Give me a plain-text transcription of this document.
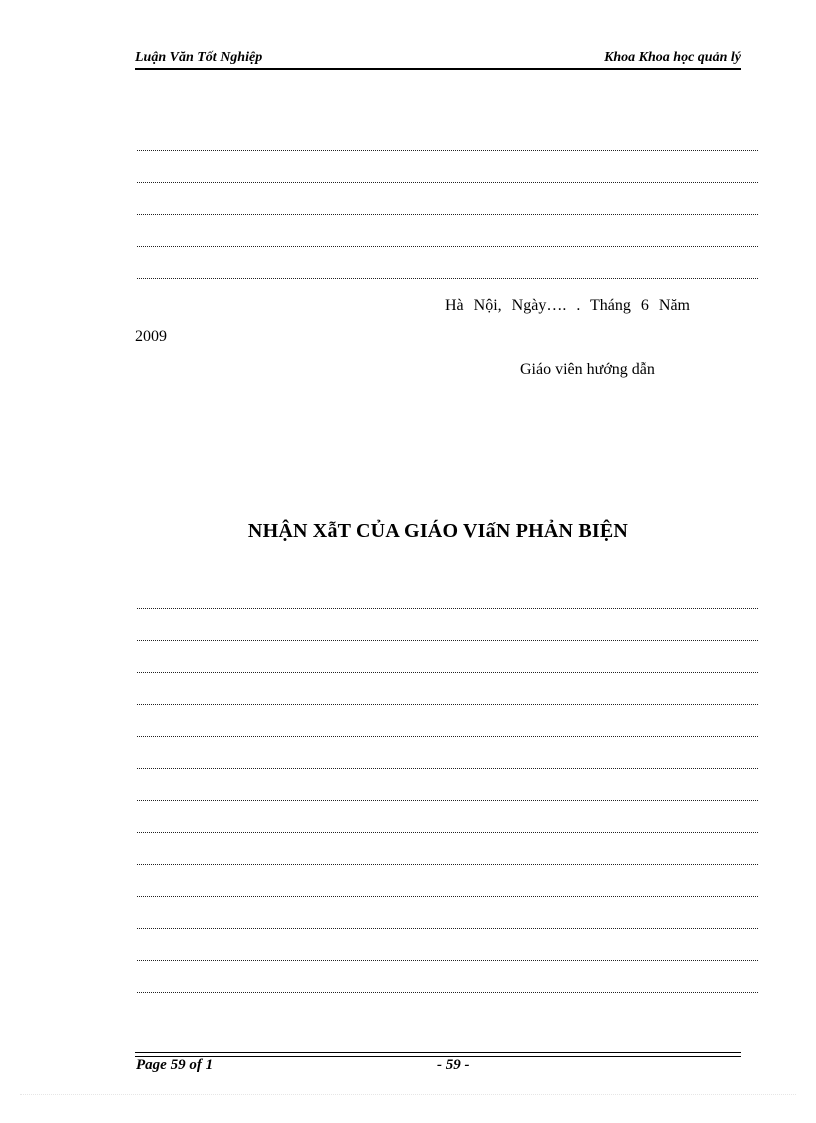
Luận Văn Tốt Nghiệp	Khoa Khoa học quản lý
Hà Nội, Ngày…. . Tháng 6 Năm
2009
Giáo viên hướng dẫn
NHẬN XẫT CỦA GIÁO VIấN PHẢN BIỆN
Page 59 of 1	- 59 -
